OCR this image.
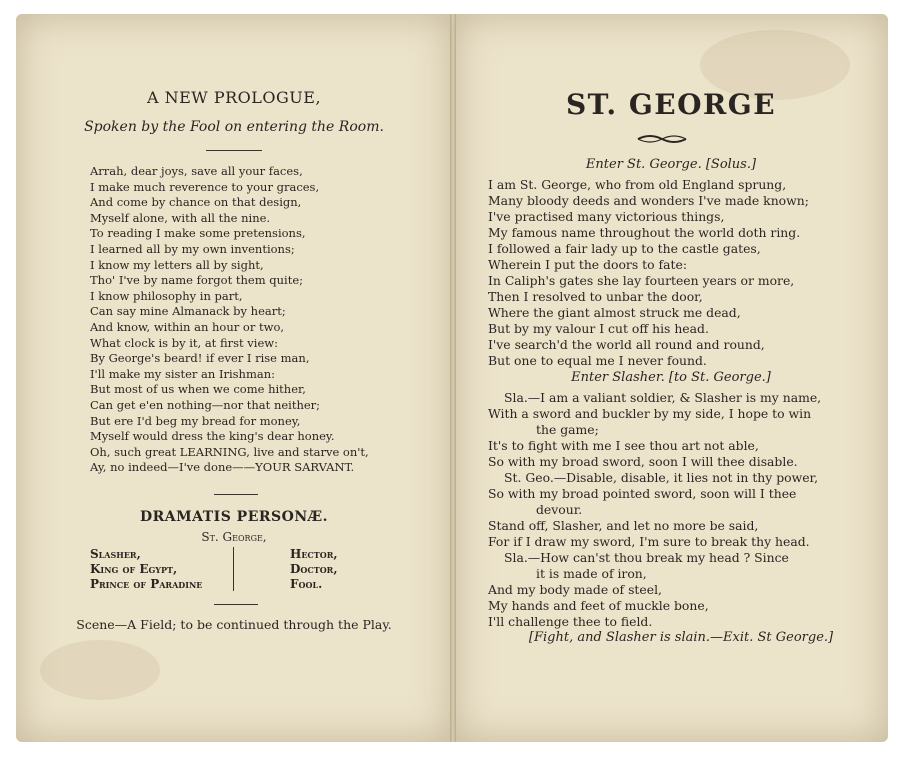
A NEW PROLOGUE,
Spoken by the Fool on entering the Room.
Arrah, dear joys, save all your faces,
I make much reverence to your graces,
And come by chance on that design,
Myself alone, with all the nine.
To reading I make some pretensions,
I learned all by my own inventions;
I know my letters all by sight,
Tho' I've by name forgot them quite;
I know philosophy in part,
Can say mine Almanack by heart;
And know, within an hour or two,
What clock is by it, at first view:
By George's beard! if ever I rise man,
I'll make my sister an Irishman:
But most of us when we come hither,
Can get e'en nothing—nor that neither;
But ere I'd beg my bread for money,
Myself would dress the king's dear honey.
Oh, such great LEARNING, live and starve on't,
Ay, no indeed—I've done——YOUR SARVANT.
DRAMATIS PERSONÆ.
St. George,
Slasher,
King of Egypt,
Prince of Paradine
Hector,
Doctor,
Fool.
Scene—A Field; to be continued through the Play.
ST. GEORGE
Enter St. George. [Solus.]
I am St. George, who from old England sprung,
Many bloody deeds and wonders I've made known;
I've practised many victorious things,
My famous name throughout the world doth ring.
I followed a fair lady up to the castle gates,
Wherein I put the doors to fate:
In Caliph's gates she lay fourteen years or more,
Then I resolved to unbar the door,
Where the giant almost struck me dead,
But by my valour I cut off his head.
I've search'd the world all round and round,
But one to equal me I never found.
Enter Slasher. [to St. George.]
Sla.—I am a valiant soldier, & Slasher is my name,
With a sword and buckler by my side, I hope to win
the game;
It's to fight with me I see thou art not able,
So with my broad sword, soon I will thee disable.
St. Geo.—Disable, disable, it lies not in thy power,
So with my broad pointed sword, soon will I thee
devour.
Stand off, Slasher, and let no more be said,
For if I draw my sword, I'm sure to break thy head.
Sla.—How can'st thou break my head ? Since
it is made of iron,
And my body made of steel,
My hands and feet of muckle bone,
I'll challenge thee to field.
[Fight, and Slasher is slain.—Exit. St George.]
